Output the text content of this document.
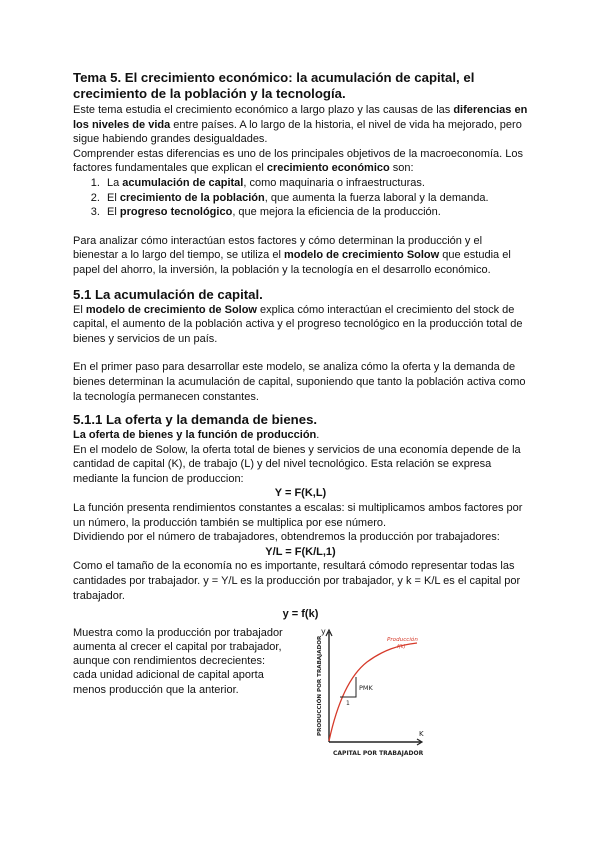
Tema 5. El crecimiento económico: la acumulación de capital, el crecimiento de la población y la tecnología.

Este tema estudia el crecimiento económico a largo plazo y las causas de las diferencias en los niveles de vida entre países. A lo largo de la historia, el nivel de vida ha mejorado, pero sigue habiendo grandes desigualdades.

Comprender estas diferencias es uno de los principales objetivos de la macroeconomía. Los factores fundamentales que explican el crecimiento económico son:

1. La acumulación de capital, como maquinaria o infraestructuras.
2. El crecimiento de la población, que aumenta la fuerza laboral y la demanda.
3. El progreso tecnológico, que mejora la eficiencia de la producción.

Para analizar cómo interactúan estos factores y cómo determinan la producción y el bienestar a lo largo del tiempo, se utiliza el modelo de crecimiento Solow que estudia el papel del ahorro, la inversión, la población y la tecnología en el desarrollo económico.

5.1 La acumulación de capital.

El modelo de crecimiento de Solow explica cómo interactúan el crecimiento del stock de capital, el aumento de la población activa y el progreso tecnológico en la producción total de bienes y servicios de un país.

En el primer paso para desarrollar este modelo, se analiza cómo la oferta y la demanda de bienes determinan la acumulación de capital, suponiendo que tanto la población activa como la tecnología permanecen constantes.

5.1.1 La oferta y la demanda de bienes.

La oferta de bienes y la función de producción.

En el modelo de Solow, la oferta total de bienes y servicios de una economía depende de la cantidad de capital (K), de trabajo (L) y del nivel tecnológico. Esta relación se expresa mediante la funcion de produccion:

Y = F(K,L)

La función presenta rendimientos constantes a escalas: si multiplicamos ambos factores por un número, la producción también se multiplica por ese número.

Dividiendo por el número de trabajadores, obtendremos la producción por trabajadores:

Y/L = F(K/L,1)

Como el tamaño de la economía no es importante, resultará cómodo representar todas las cantidades por trabajador. y = Y/L es la producción por trabajador, y k = K/L es el capital por trabajador.

y = f(k)

Muestra como la producción por trabajador aumenta al crecer el capital por trabajador, aunque con rendimientos decrecientes: cada unidad adicional de capital aporta menos producción que la anterior.

y
K
PRODUCCIÓN POR TRABAJADOR
CAPITAL POR TRABAJADOR
Producción
f(k)
PMK
1
